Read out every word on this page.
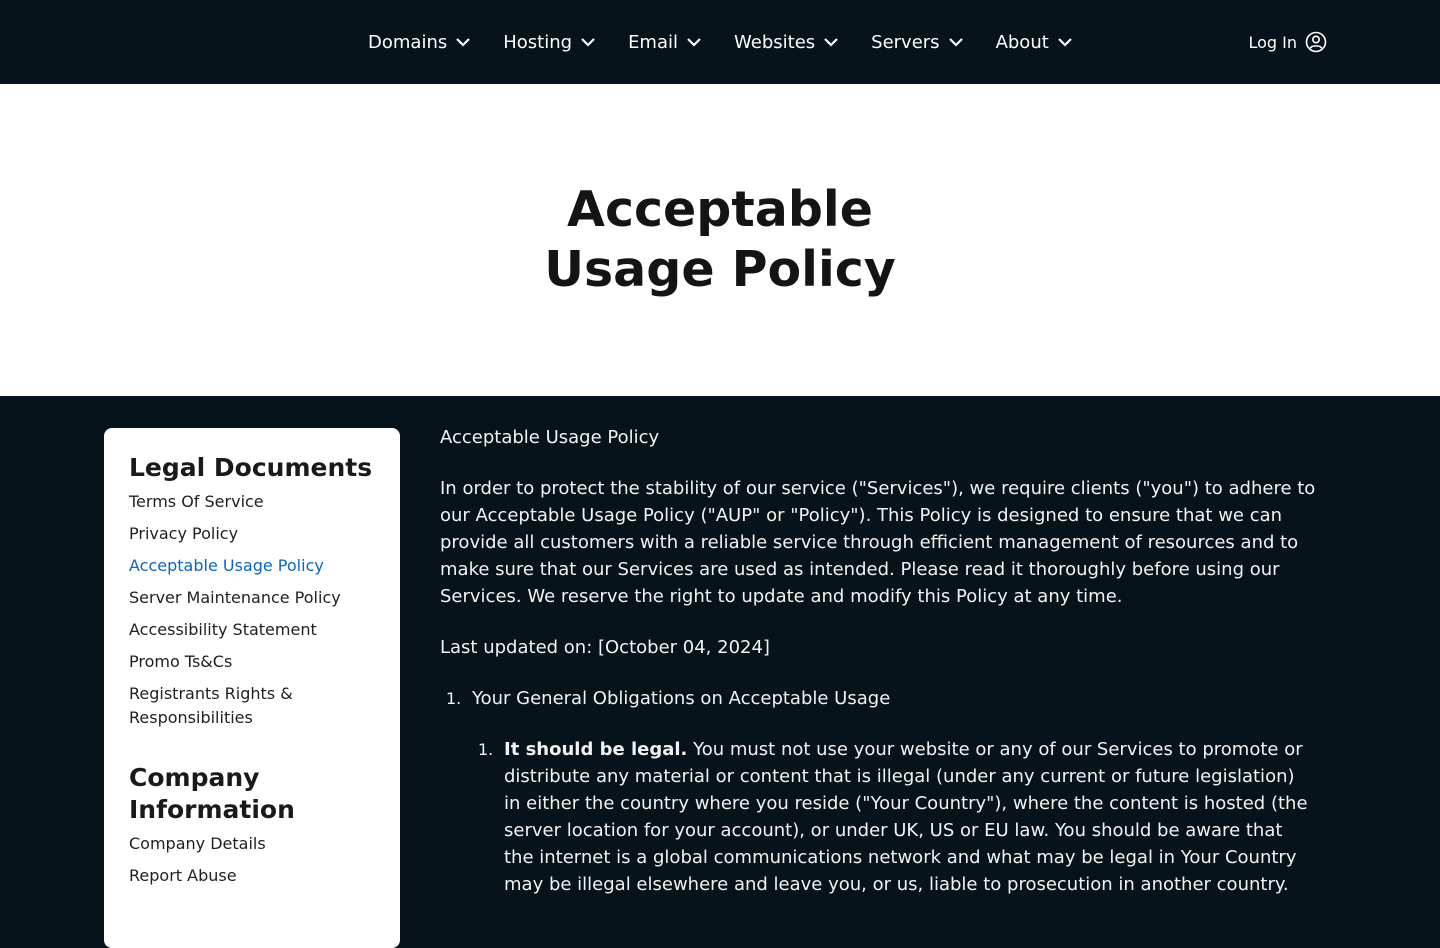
Domains	Hosting	Email	Websites	Servers	About	Log In
Acceptable Usage Policy
Legal Documents
Terms Of Service
Privacy Policy
Acceptable Usage Policy
Server Maintenance Policy
Accessibility Statement
Promo Ts&Cs
Registrants Rights & Responsibilities
Company Information
Company Details
Report Abuse

Acceptable Usage Policy

In order to protect the stability of our service ("Services"), we require clients ("you") to adhere to our Acceptable Usage Policy ("AUP" or "Policy"). This Policy is designed to ensure that we can provide all customers with a reliable service through efficient management of resources and to make sure that our Services are used as intended. Please read it thoroughly before using our Services. We reserve the right to update and modify this Policy at any time.

Last updated on: [October 04, 2024]

1. Your General Obligations on Acceptable Usage
1. It should be legal. You must not use your website or any of our Services to promote or distribute any material or content that is illegal (under any current or future legislation) in either the country where you reside ("Your Country"), where the content is hosted (the server location for your account), or under UK, US or EU law. You should be aware that the internet is a global communications network and what may be legal in Your Country may be illegal elsewhere and leave you, or us, liable to prosecution in another country.
